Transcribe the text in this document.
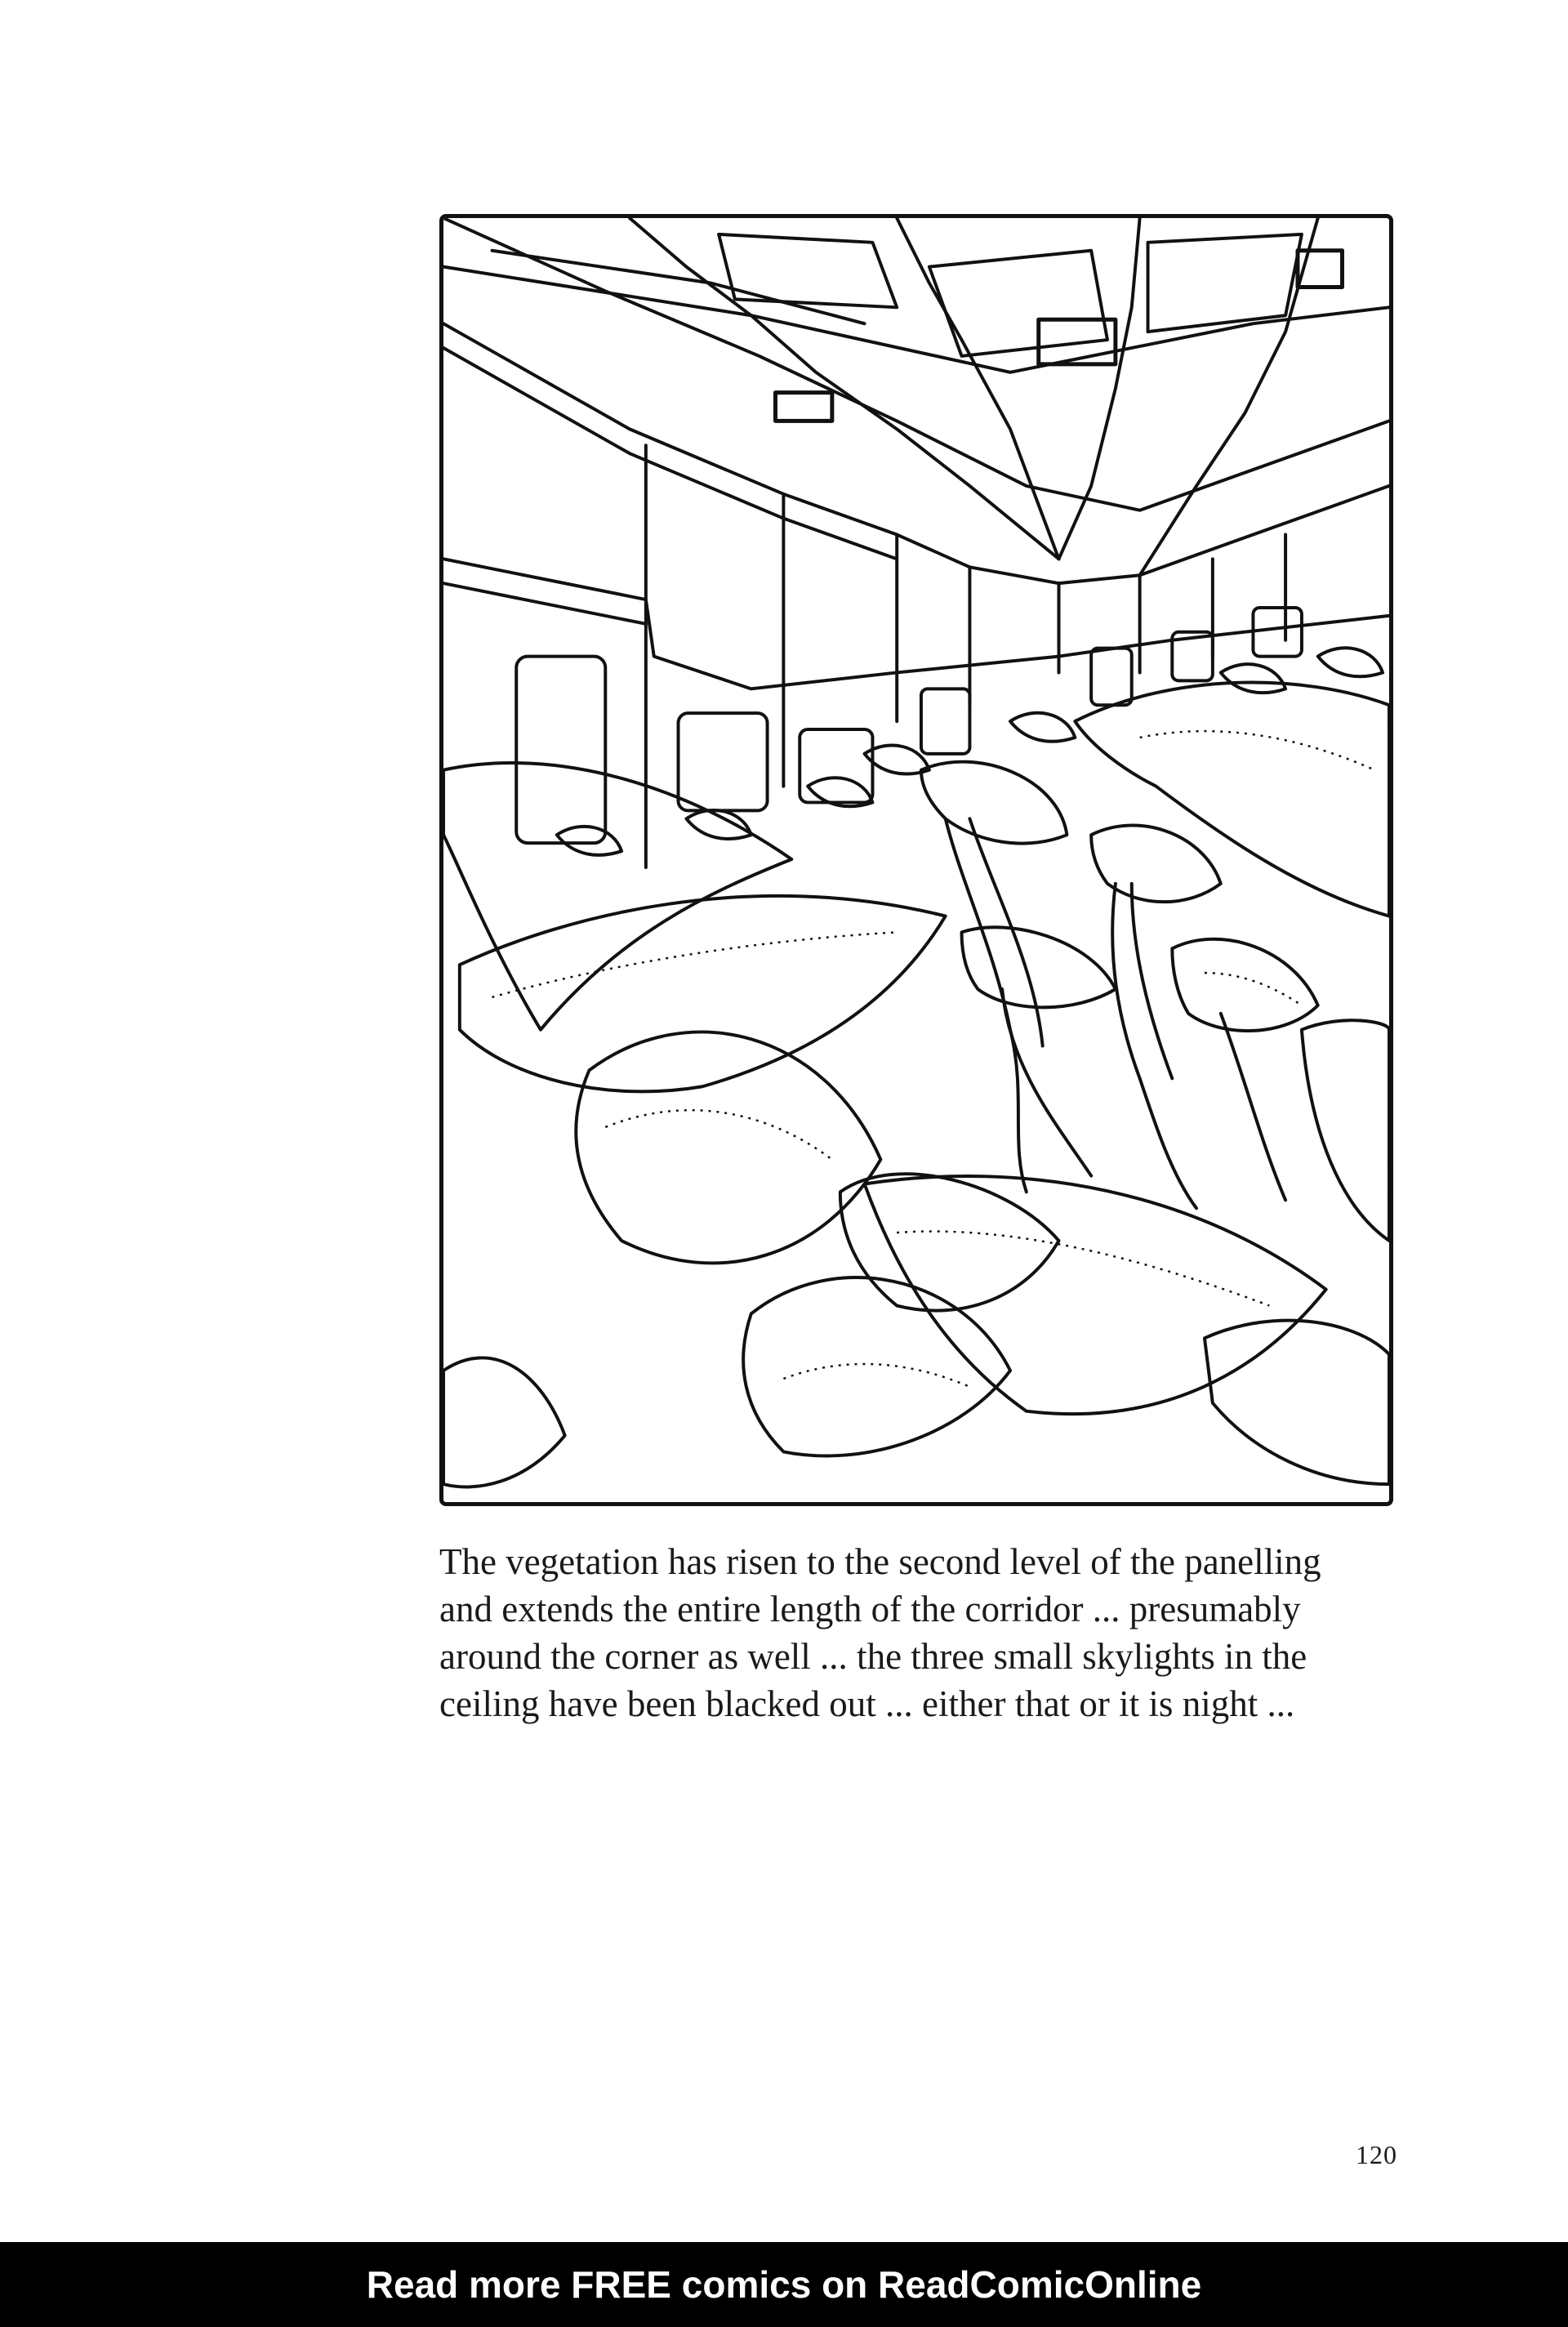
The vegetation has risen to the second level of the panelling
and extends the entire length of the corridor ... presumably
around the corner as well ... the three small skylights in the
ceiling have been blacked out ... either that or it is night ...

120
Read more FREE comics on ReadComicOnline
